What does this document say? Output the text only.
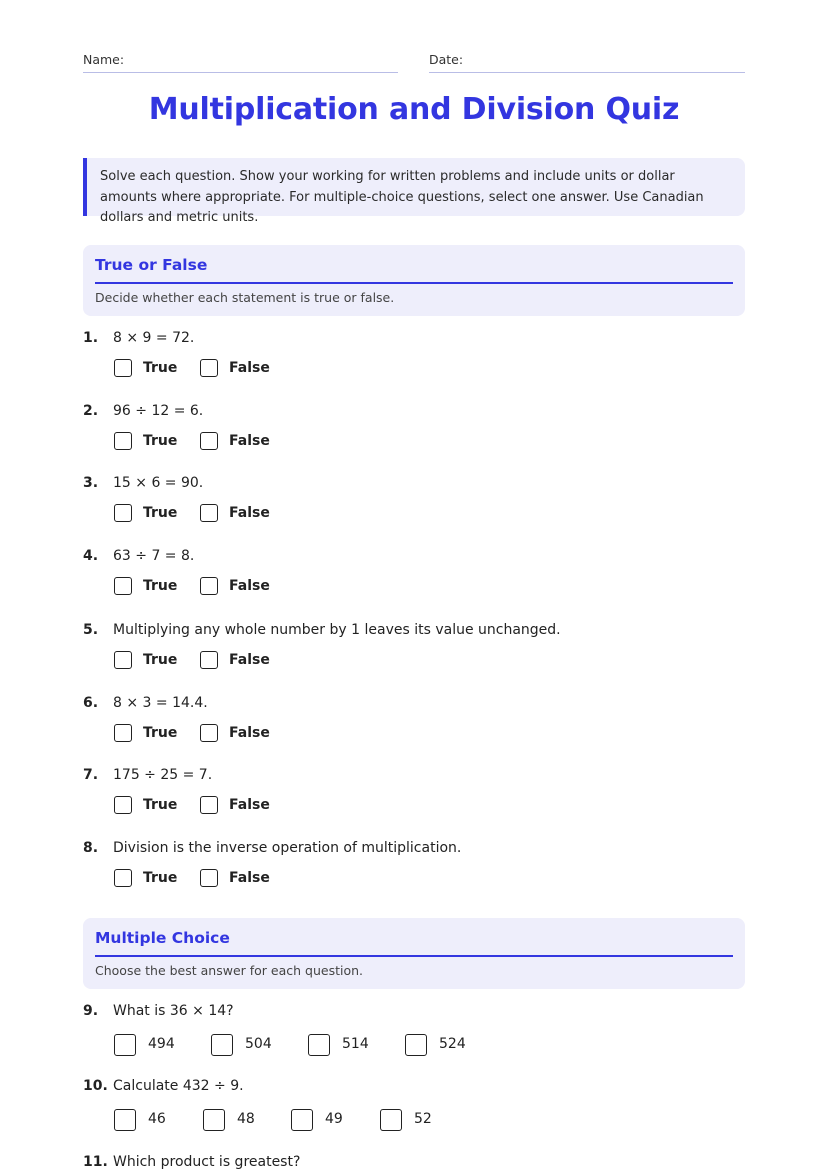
Name:	Date:
Multiplication and Division Quiz
Solve each question. Show your working for written problems and include units or dollar amounts where appropriate. For multiple-choice questions, select one answer. Use Canadian dollars and metric units.
True or False
Decide whether each statement is true or false.
1. 8 × 9 = 72.
True	False
2. 96 ÷ 12 = 6.
True	False
3. 15 × 6 = 90.
True	False
4. 63 ÷ 7 = 8.
True	False
5. Multiplying any whole number by 1 leaves its value unchanged.
True	False
6. 8 × 3 = 14.4.
True	False
7. 175 ÷ 25 = 7.
True	False
8. Division is the inverse operation of multiplication.
True	False
Multiple Choice
Choose the best answer for each question.
9. What is 36 × 14?
494	504	514	524
10. Calculate 432 ÷ 9.
46	48	49	52
11. Which product is greatest?
